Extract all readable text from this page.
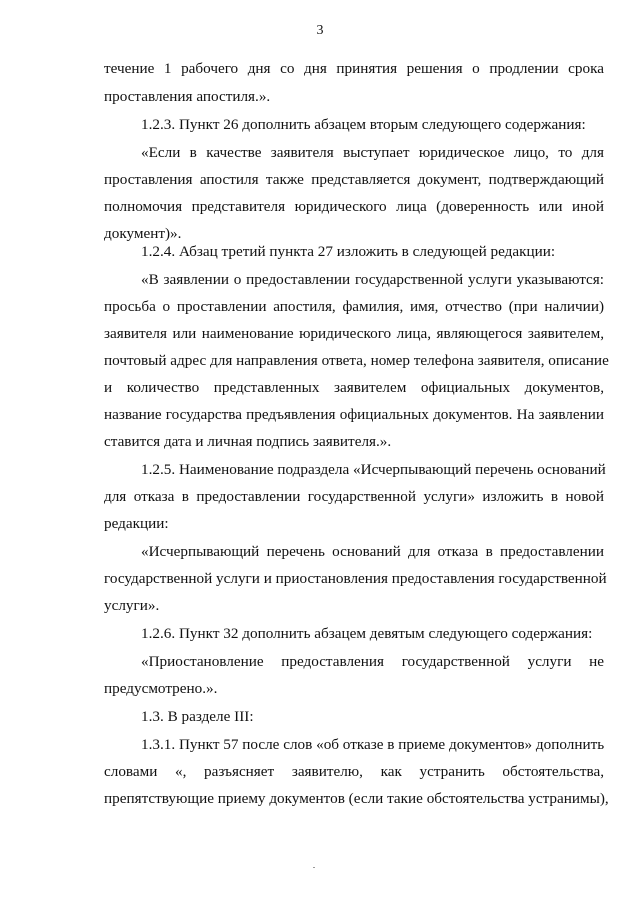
3
течение 1 рабочего дня со дня принятия решения о продлении срока
проставления апостиля.».
1.2.3. Пункт 26 дополнить абзацем вторым следующего содержания:
«Если в качестве заявителя выступает юридическое лицо, то для
проставления апостиля также представляется документ, подтверждающий
полномочия представителя юридического лица (доверенность или иной
документ)».
1.2.4. Абзац третий пункта 27 изложить в следующей редакции:
«В заявлении о предоставлении государственной услуги указываются:
просьба о проставлении апостиля, фамилия, имя, отчество (при наличии)
заявителя или наименование юридического лица, являющегося заявителем,
почтовый адрес для направления ответа, номер телефона заявителя, описание
и количество представленных заявителем официальных документов,
название государства предъявления официальных документов. На заявлении
ставится дата и личная подпись заявителя.».
1.2.5. Наименование подраздела «Исчерпывающий перечень оснований
для отказа в предоставлении государственной услуги» изложить в новой
редакции:
«Исчерпывающий перечень оснований для отказа в предоставлении
государственной услуги и приостановления предоставления государственной
услуги».
1.2.6. Пункт 32 дополнить абзацем девятым следующего содержания:
«Приостановление предоставления государственной услуги не
предусмотрено.».
1.3. В разделе III:
1.3.1. Пункт 57 после слов «об отказе в приеме документов» дополнить
словами «, разъясняет заявителю, как устранить обстоятельства,
препятствующие приему документов (если такие обстоятельства устранимы),
